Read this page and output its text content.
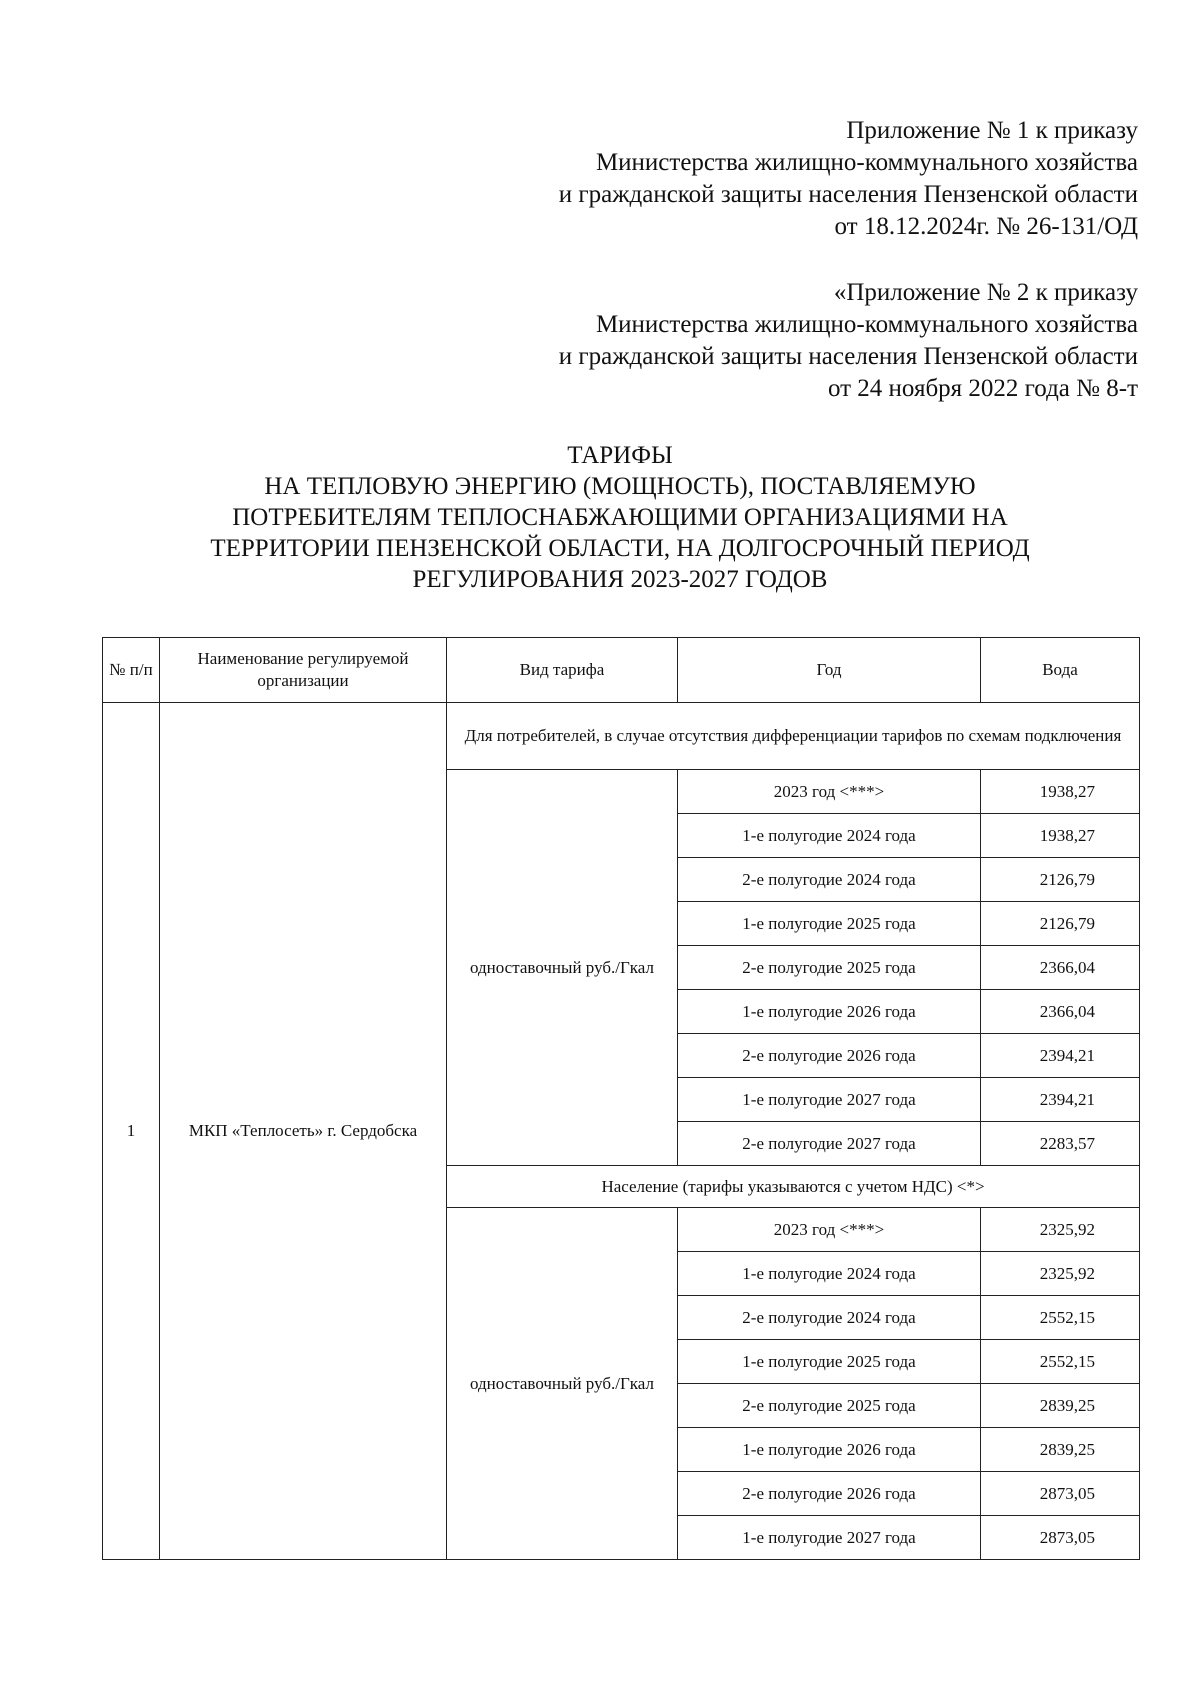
Приложение № 1 к приказу
Министерства жилищно-коммунального хозяйства
и гражданской защиты населения Пензенской области
от 18.12.2024г. № 26-131/ОД
«Приложение № 2 к приказу
Министерства жилищно-коммунального хозяйства
и гражданской защиты населения Пензенской области
от 24 ноября 2022 года № 8-т
ТАРИФЫ
НА ТЕПЛОВУЮ ЭНЕРГИЮ (МОЩНОСТЬ), ПОСТАВЛЯЕМУЮ
ПОТРЕБИТЕЛЯМ ТЕПЛОСНАБЖАЮЩИМИ ОРГАНИЗАЦИЯМИ НА
ТЕРРИТОРИИ ПЕНЗЕНСКОЙ ОБЛАСТИ, НА ДОЛГОСРОЧНЫЙ ПЕРИОД
РЕГУЛИРОВАНИЯ 2023-2027 ГОДОВ
№ п/п	Наименование регулируемой организации	Вид тарифа	Год	Вода
1	МКП «Теплосеть» г. Сердобска	Для потребителей, в случае отсутствия дифференциации тарифов по схемам подключения		
		одноставочный руб./Гкал	2023 год <***>	1938,27
			1-е полугодие 2024 года	1938,27
			2-е полугодие 2024 года	2126,79
			1-е полугодие 2025 года	2126,79
			2-е полугодие 2025 года	2366,04
			1-е полугодие 2026 года	2366,04
			2-е полугодие 2026 года	2394,21
			1-е полугодие 2027 года	2394,21
			2-е полугодие 2027 года	2283,57
		Население (тарифы указываются с учетом НДС) <*>		
		одноставочный руб./Гкал	2023 год <***>	2325,92
			1-е полугодие 2024 года	2325,92
			2-е полугодие 2024 года	2552,15
			1-е полугодие 2025 года	2552,15
			2-е полугодие 2025 года	2839,25
			1-е полугодие 2026 года	2839,25
			2-е полугодие 2026 года	2873,05
			1-е полугодие 2027 года	2873,05
